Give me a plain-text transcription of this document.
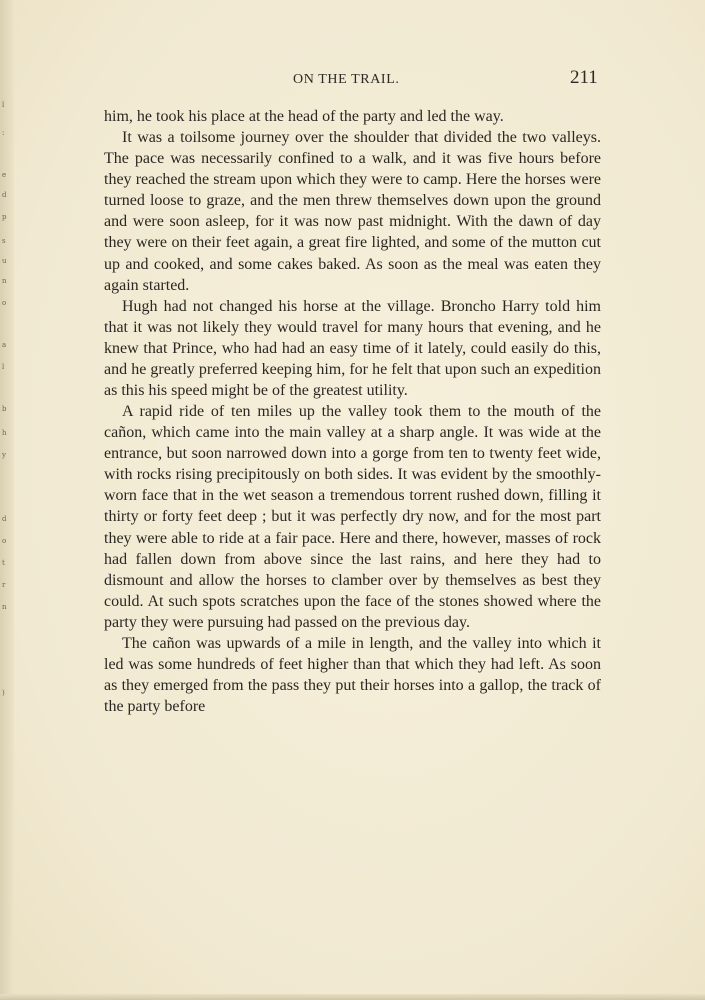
l
:
e
d
p
s
u
n
o
a
l
b
h
y
d
o
t
r
n
)
ON THE TRAIL.	211

him, he took his place at the head of the party and led the way.

It was a toilsome journey over the shoulder that divided the two valleys. The pace was necessarily confined to a walk, and it was five hours before they reached the stream upon which they were to camp. Here the horses were turned loose to graze, and the men threw themselves down upon the ground and were soon asleep, for it was now past midnight. With the dawn of day they were on their feet again, a great fire lighted, and some of the mutton cut up and cooked, and some cakes baked. As soon as the meal was eaten they again started.

Hugh had not changed his horse at the village. Broncho Harry told him that it was not likely they would travel for many hours that evening, and he knew that Prince, who had had an easy time of it lately, could easily do this, and he greatly preferred keeping him, for he felt that upon such an expedition as this his speed might be of the greatest utility.

A rapid ride of ten miles up the valley took them to the mouth of the cañon, which came into the main valley at a sharp angle. It was wide at the entrance, but soon narrowed down into a gorge from ten to twenty feet wide, with rocks rising precipitously on both sides. It was evident by the smoothly-worn face that in the wet season a tremendous torrent rushed down, filling it thirty or forty feet deep ; but it was perfectly dry now, and for the most part they were able to ride at a fair pace. Here and there, however, masses of rock had fallen down from above since the last rains, and here they had to dismount and allow the horses to clamber over by themselves as best they could. At such spots scratches upon the face of the stones showed where the party they were pursuing had passed on the previous day.

The cañon was upwards of a mile in length, and the valley into which it led was some hundreds of feet higher than that which they had left. As soon as they emerged from the pass they put their horses into a gallop, the track of the party before
